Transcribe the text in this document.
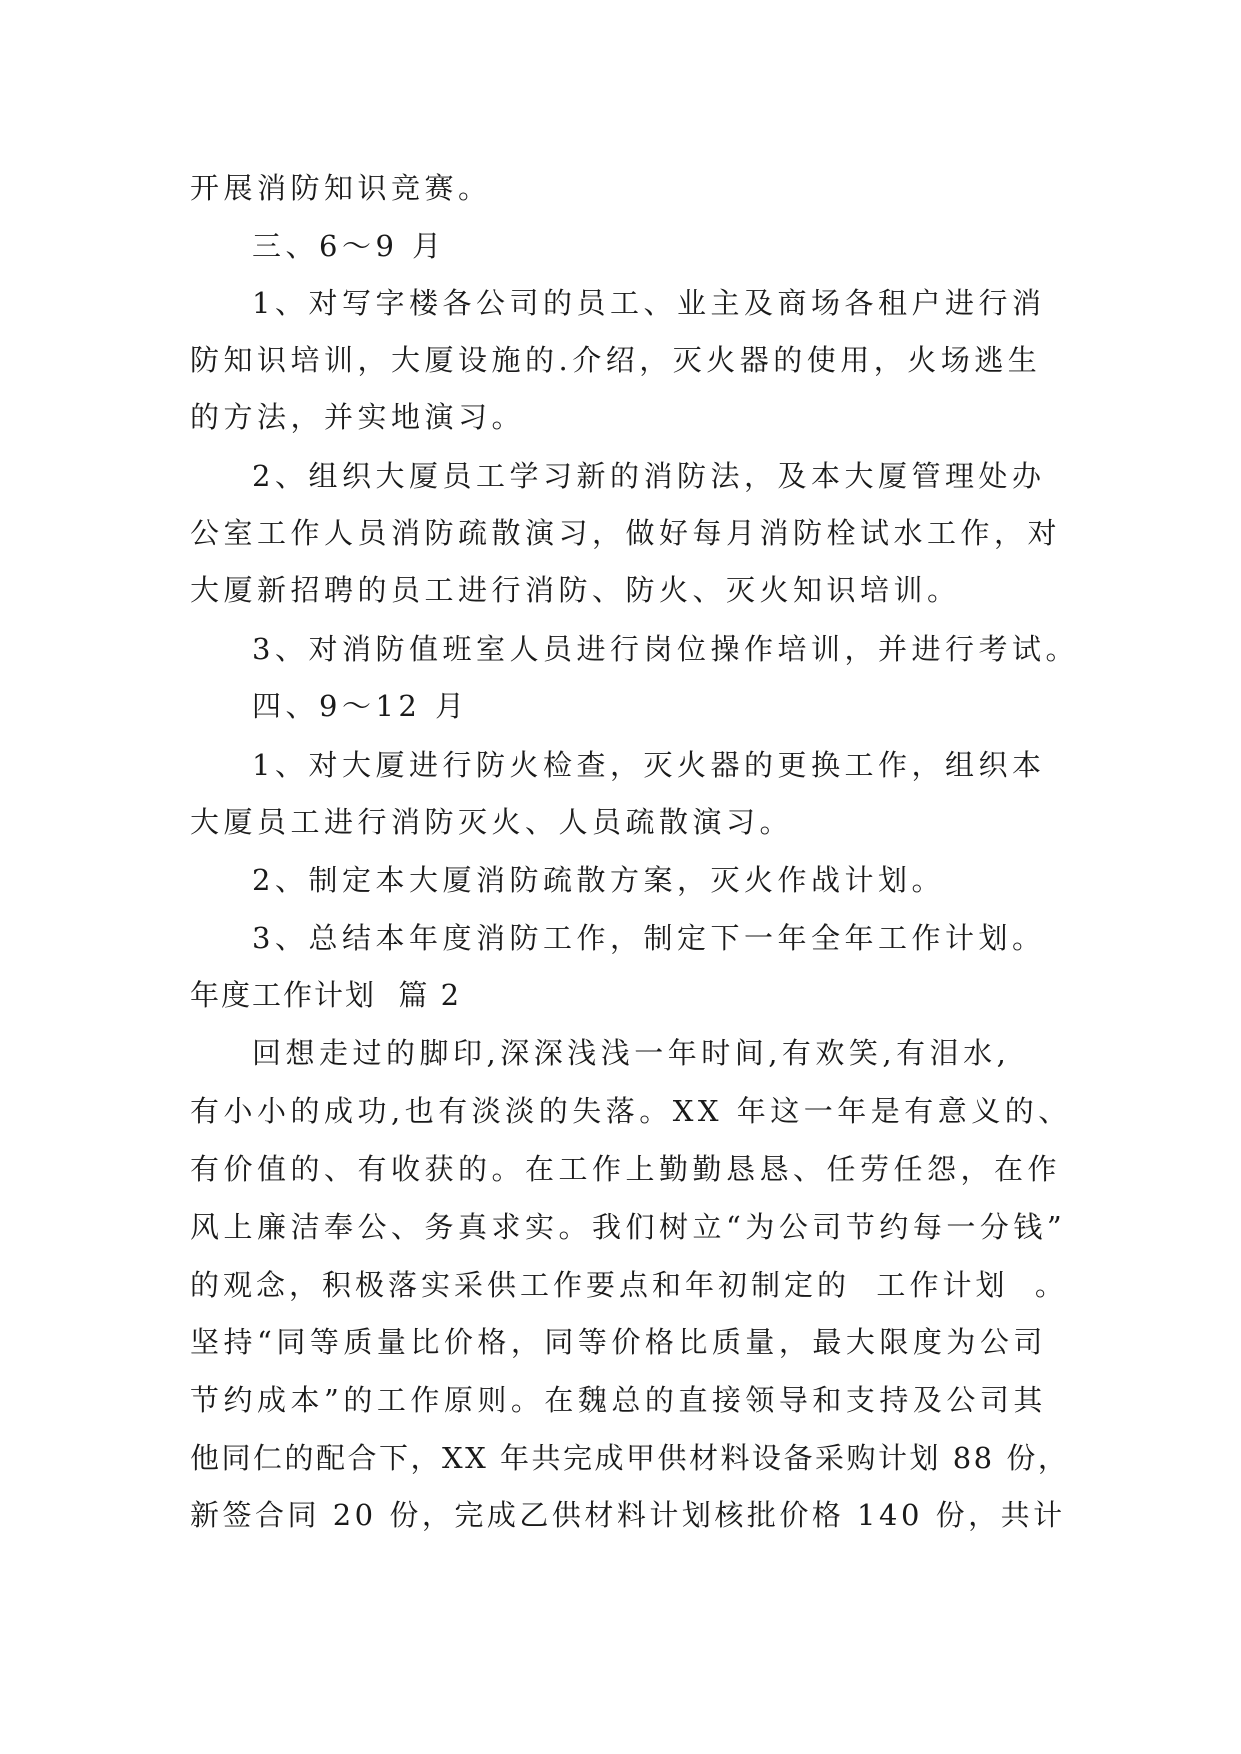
开展消防知识竞赛。
三、6～9 月
1、对写字楼各公司的员工、业主及商场各租户进行消
防知识培训，大厦设施的.介绍，灭火器的使用，火场逃生
的方法，并实地演习。
2、组织大厦员工学习新的消防法，及本大厦管理处办
公室工作人员消防疏散演习，做好每月消防栓试水工作，对
大厦新招聘的员工进行消防、防火、灭火知识培训。
3、对消防值班室人员进行岗位操作培训，并进行考试。
四、9～12 月
1、对大厦进行防火检查，灭火器的更换工作，组织本
大厦员工进行消防灭火、人员疏散演习。
2、制定本大厦消防疏散方案，灭火作战计划。
3、总结本年度消防工作，制定下一年全年工作计划。
年度工作计划  篇 2
回想走过的脚印,深深浅浅一年时间,有欢笑,有泪水,
有小小的成功,也有淡淡的失落。XX 年这一年是有意义的、
有价值的、有收获的。在工作上勤勤恳恳、任劳任怨，在作
风上廉洁奉公、务真求实。我们树立“为公司节约每一分钱”
的观念，积极落实采供工作要点和年初制定的  工作计划  。
坚持“同等质量比价格，同等价格比质量，最大限度为公司
节约成本”的工作原则。在魏总的直接领导和支持及公司其
他同仁的配合下，XX 年共完成甲供材料设备采购计划 88 份，
新签合同 20 份，完成乙供材料计划核批价格 140 份，共计
